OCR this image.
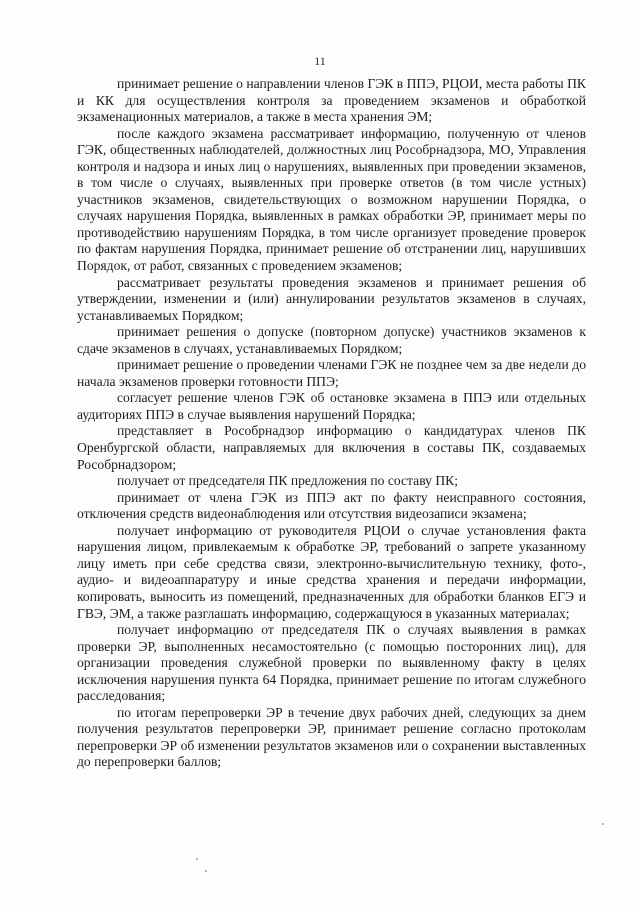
11

принимает решение о направлении членов ГЭК в ППЭ, РЦОИ, места работы ПК и КК для осуществления контроля за проведением экзаменов и обработкой экзаменационных материалов, а также в места хранения ЭМ;

после каждого экзамена рассматривает информацию, полученную от членов ГЭК, общественных наблюдателей, должностных лиц Рособрнадзора, МО, Управления контроля и надзора и иных лиц о нарушениях, выявленных при проведении экзаменов, в том числе о случаях, выявленных при проверке ответов (в том числе устных) участников экзаменов, свидетельствующих о возможном нарушении Порядка, о случаях нарушения Порядка, выявленных в рамках обработки ЭР, принимает меры по противодействию нарушениям Порядка, в том числе организует проведение проверок по фактам нарушения Порядка, принимает решение об отстранении лиц, нарушивших Порядок, от работ, связанных с проведением экзаменов;

рассматривает результаты проведения экзаменов и принимает решения об утверждении, изменении и (или) аннулировании результатов экзаменов в случаях, устанавливаемых Порядком;

принимает решения о допуске (повторном допуске) участников экзаменов к сдаче экзаменов в случаях, устанавливаемых Порядком;

принимает решение о проведении членами ГЭК не позднее чем за две недели до начала экзаменов проверки готовности ППЭ;

согласует решение членов ГЭК об остановке экзамена в ППЭ или отдельных аудиториях ППЭ в случае выявления нарушений Порядка;

представляет в Рособрнадзор информацию о кандидатурах членов ПК Оренбургской области, направляемых для включения в составы ПК, создаваемых Рособрнадзором;

получает от председателя ПК предложения по составу ПК;

принимает от члена ГЭК из ППЭ акт по факту неисправного состояния, отключения средств видеонаблюдения или отсутствия видеозаписи экзамена;

получает информацию от руководителя РЦОИ о случае установления факта нарушения лицом, привлекаемым к обработке ЭР, требований о запрете указанному лицу иметь при себе средства связи, электронно-вычислительную технику, фото-, аудио- и видеоаппаратуру и иные средства хранения и передачи информации, копировать, выносить из помещений, предназначенных для обработки бланков ЕГЭ и ГВЭ, ЭМ, а также разглашать информацию, содержащуюся в указанных материалах;

получает информацию от председателя ПК о случаях выявления в рамках проверки ЭР, выполненных несамостоятельно (с помощью посторонних лиц), для организации проведения служебной проверки по выявленному факту в целях исключения нарушения пункта 64 Порядка, принимает решение по итогам служебного расследования;

по итогам перепроверки ЭР в течение двух рабочих дней, следующих за днем получения результатов перепроверки ЭР, принимает решение согласно протоколам перепроверки ЭР об изменении результатов экзаменов или о сохранении выставленных до перепроверки баллов;
